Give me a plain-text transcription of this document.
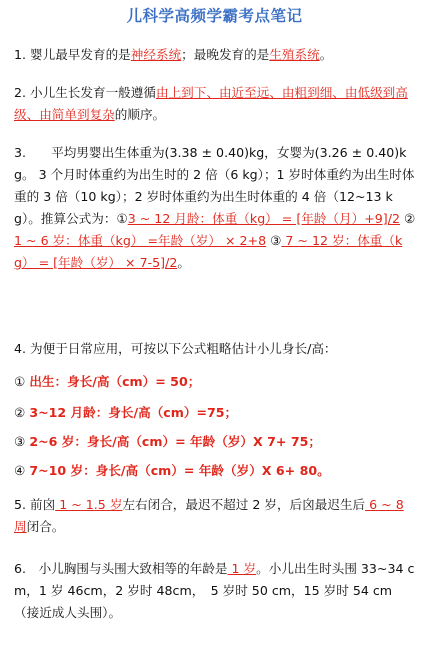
儿科学高频学霸考点笔记
1. 婴儿最早发育的是神经系统；最晚发育的是生殖系统。
2. 小儿生长发育一般遵循由上到下、由近至远、由粗到细、由低级到高级、由简单到复杂的顺序。
3.　　平均男婴出生体重为(3.38 ± 0.40)kg，女婴为(3.26 ± 0.40)kg。 3 个月时体重约为出生时的 2 倍（6 kg）；1 岁时体重约为出生时体重的 3 倍（10 kg）；2 岁时体重约为出生时体重的 4 倍（12~13 kg）。推算公式为：①3 ~ 12 月龄：体重（kg） = [年龄（月）+9]/2 ② 1 ~ 6 岁：体重（kg） =年龄（岁） × 2+8 ③ 7 ~ 12 岁：体重（kg） = [年龄（岁） × 7-5]/2。
4. 为便于日常应用，可按以下公式粗略估计小儿身长/高：
① 出生：身长/高（cm）= 50；
② 3~12 月龄：身长/高（cm）=75；
③ 2~6 岁：身长/高（cm）= 年龄（岁）X 7+ 75；
④ 7~10 岁：身长/高（cm）= 年龄（岁）X 6+ 80。
5. 前囟 1 ~ 1.5 岁左右闭合，最迟不超过 2 岁，后囟最迟生后 6 ~ 8 周闭合。
6.　小儿胸围与头围大致相等的年龄是 1 岁。小儿出生时头围 33~34 cm，1 岁 46cm，2 岁时 48cm，　5 岁时 50 cm，15 岁时 54 cm（接近成人头围）。
